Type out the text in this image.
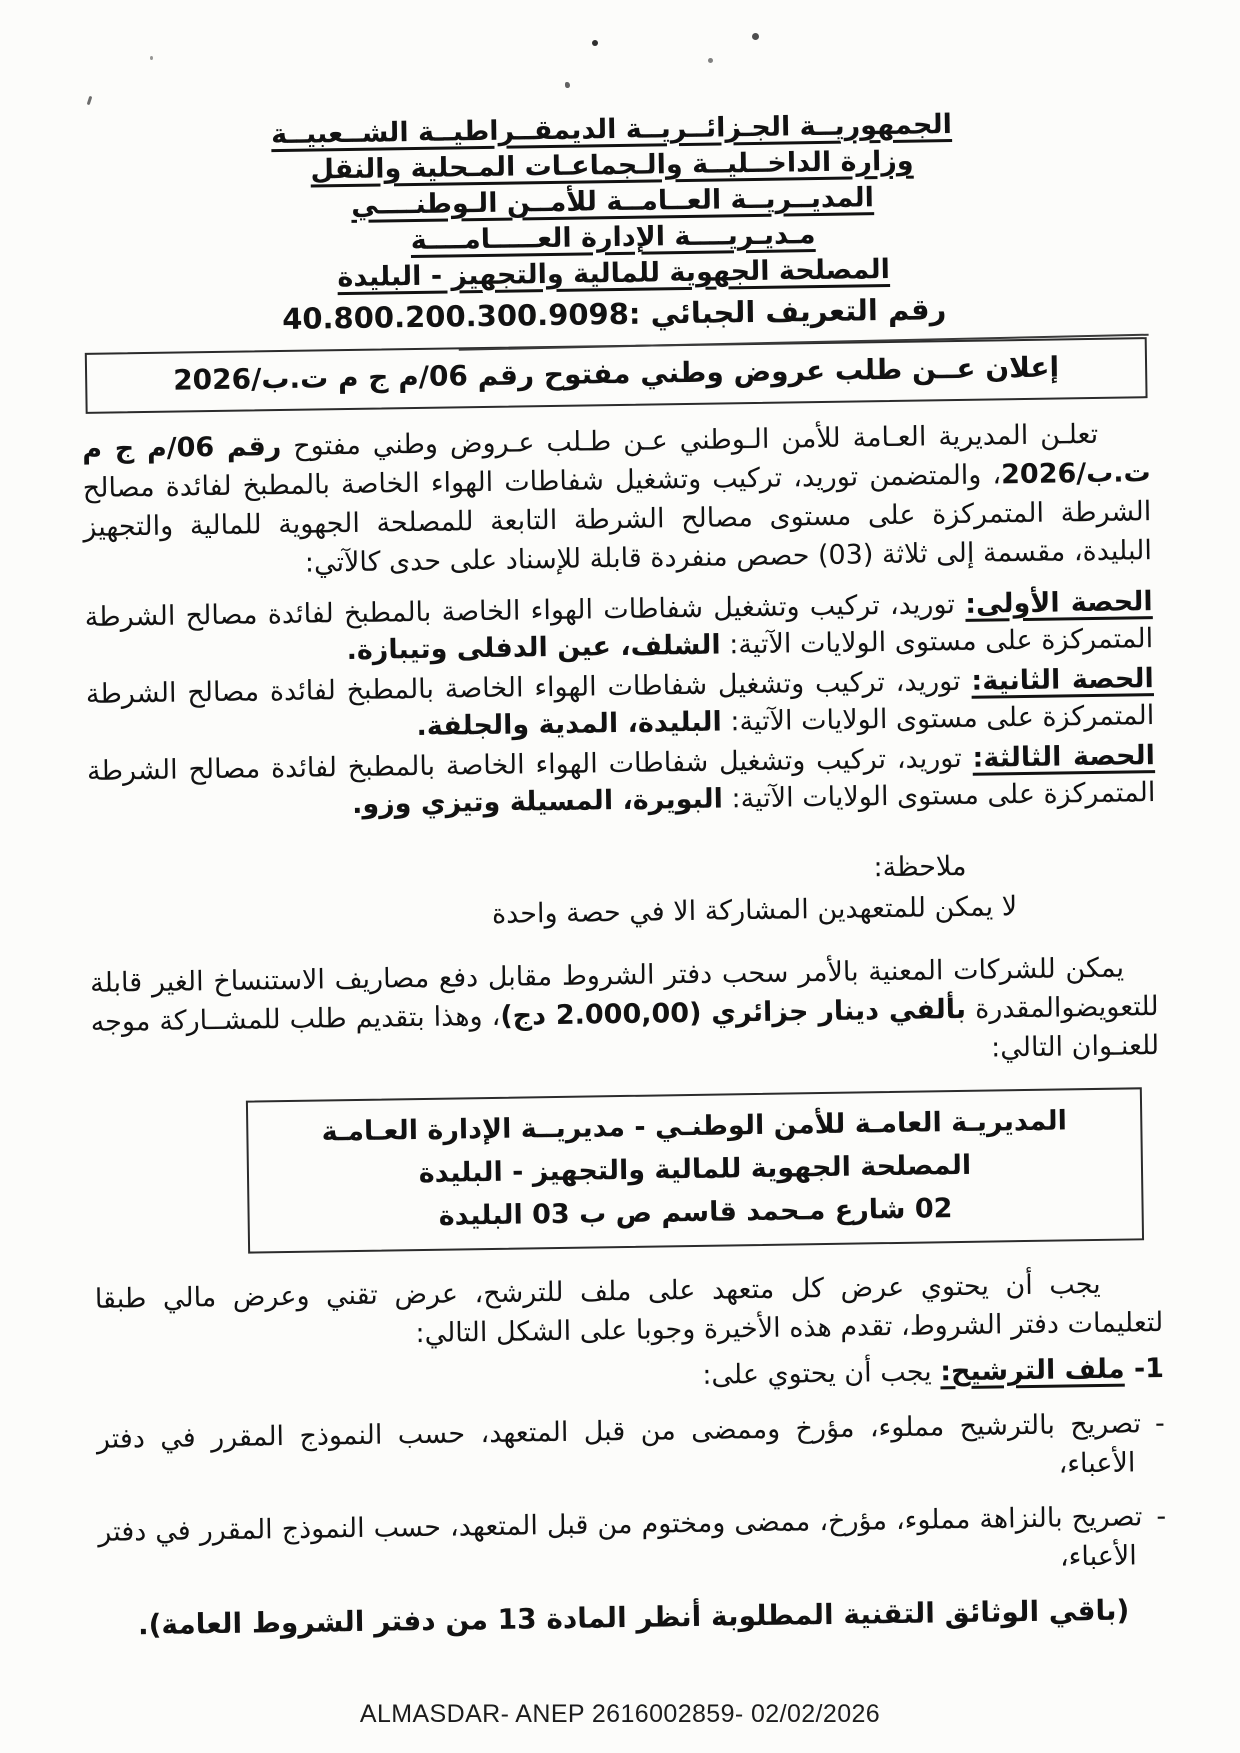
الجمهوريــة الجـزائــريــة الديمقــراطيــة الشــعبيــة
وزارة الداخــليــة والـجماعـات المـحلية والنقل
المديــريــة العــامــة للأمــن الـوطنــــي
مـديـريــــة الإدارة العـــــامــــة
المصلحة الجهوية للمالية والتجهيز - البليدة
رقم التعريف الجبائي :40.800.200.300.9098
إعلان عــن طلب عروض وطني مفتوح رقم 06/م ج م ت.ب/2026

تعلـن المديرية العـامة للأمن الـوطني عـن طـلب عـروض وطني مفتوح رقم 06/م ج م ت.ب/2026، والمتضمن توريد، تركيب وتشغيل شفاطات الهواء الخاصة بالمطبخ لفائدة مصالح الشرطة المتمركزة على مستوى مصالح الشرطة التابعة للمصلحة الجهوية للمالية والتجهيز البليدة، مقسمة إلى ثلاثة (03) حصص منفردة قابلة للإسناد على حدى كالآتي:

الحصة الأولى: توريد، تركيب وتشغيل شفاطات الهواء الخاصة بالمطبخ لفائدة مصالح الشرطة المتمركزة على مستوى الولايات الآتية: الشلف، عين الدفلى وتيبازة.

الحصة الثانية: توريد، تركيب وتشغيل شفاطات الهواء الخاصة بالمطبخ لفائدة مصالح الشرطة المتمركزة على مستوى الولايات الآتية: البليدة، المدية والجلفة.

الحصة الثالثة: توريد، تركيب وتشغيل شفاطات الهواء الخاصة بالمطبخ لفائدة مصالح الشرطة المتمركزة على مستوى الولايات الآتية: البويرة، المسيلة وتيزي وزو.

ملاحظة:
لا يمكن للمتعهدين المشاركة الا في حصة واحدة

يمكن للشركات المعنية بالأمر سحب دفتر الشروط مقابل دفع مصاريف الاستنساخ الغير قابلة للتعويضوالمقدرة بألفي دينار جزائري (2.000,00 دج)، وهذا بتقديم طلب للمشــاركة موجه للعنـوان التالي:

المديريـة العامـة للأمن الوطنـي - مديريــة الإدارة العـامـة
المصلحة الجهوية للمالية والتجهيز - البليدة
02 شارع مـحمد قاسم ص ب 03 البليدة

يجب أن يحتوي عرض كل متعهد على ملف للترشح، عرض تقني وعرض مالي طبقا لتعليمات دفتر الشروط، تقدم هذه الأخيرة وجوبا على الشكل التالي:

1- ملف الترشيح: يجب أن يحتوي على:
-تصريح بالترشيح مملوء، مؤرخ وممضى من قبل المتعهد، حسب النموذج المقرر في دفتر الأعباء،
-تصريح بالنزاهة مملوء، مؤرخ، ممضى ومختوم من قبل المتعهد، حسب النموذج المقرر في دفتر الأعباء،
(باقي الوثائق التقنية المطلوبة أنظر المادة 13 من دفتر الشروط العامة).
ALMASDAR- ANEP 2616002859- 02/02/2026
